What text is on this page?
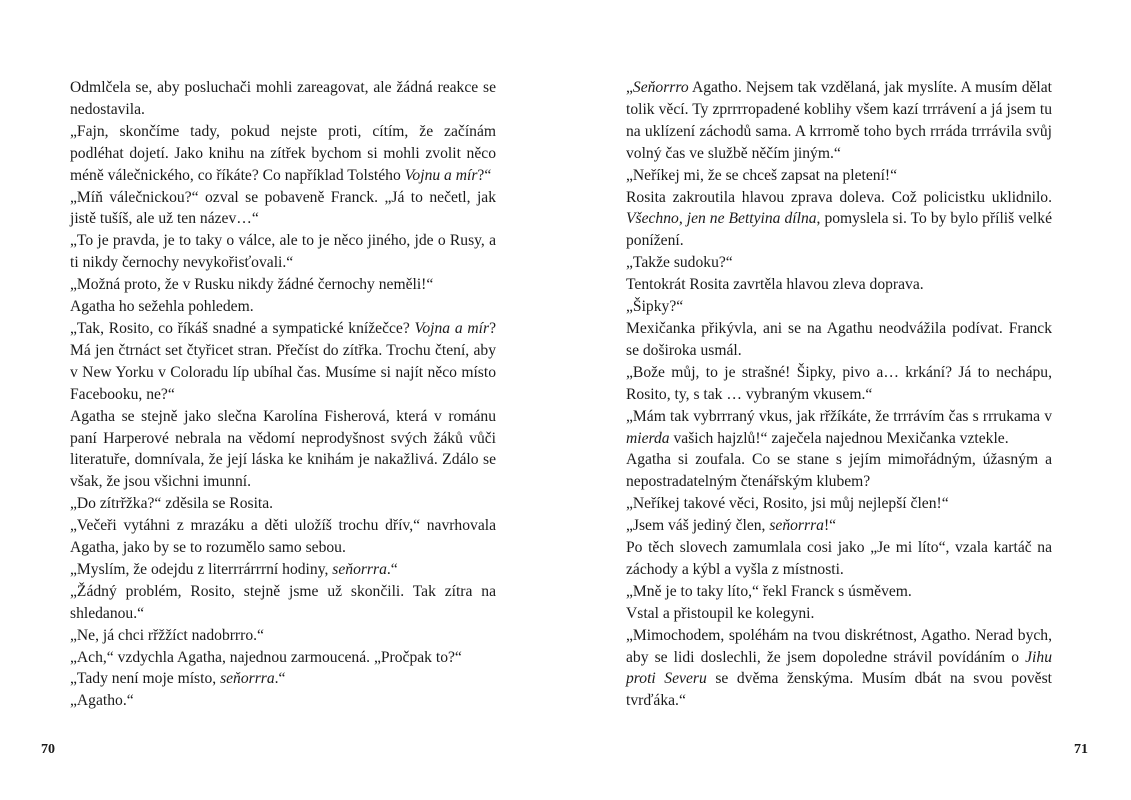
Odmlčela se, aby posluchači mohli zareagovat, ale žádná reakce se nedostavila.

„Fajn, skončíme tady, pokud nejste proti, cítím, že začínám podléhat dojetí. Jako knihu na zítřek bychom si mohli zvolit něco méně válečnického, co říkáte? Co například Tolstého Vojnu a mír?“

„Míň válečnickou?“ ozval se pobaveně Franck. „Já to nečetl, jak jistě tušíš, ale už ten název…“

„To je pravda, je to taky o válce, ale to je něco jiného, jde o Rusy, a ti nikdy černochy nevykořisťovali.“

„Možná proto, že v Rusku nikdy žádné černochy neměli!“

Agatha ho sežehla pohledem.

„Tak, Rosito, co říkáš snadné a sympatické knížečce? Vojna a mír? Má jen čtrnáct set čtyřicet stran. Přečíst do zítřka. Trochu čtení, aby v New Yorku v Coloradu líp ubíhal čas. Musíme si najít něco místo Facebooku, ne?“

Agatha se stejně jako slečna Karolína Fisherová, která v románu paní Harperové nebrala na vědomí neprodyšnost svých žáků vůči literatuře, domnívala, že její láska ke knihám je nakažlivá. Zdálo se však, že jsou všichni imunní.

„Do zítrřžka?“ zděsila se Rosita.

„Večeři vytáhni z mrazáku a děti uložíš trochu dřív,“ navrhovala Agatha, jako by se to rozumělo samo sebou.

„Myslím, že odejdu z literrrárrrní hodiny, seňorrra.“

„Žádný problém, Rosito, stejně jsme už skončili. Tak zítra na shledanou.“

„Ne, já chci rřžžíct nadobrrro.“

„Ach,“ vzdychla Agatha, najednou zarmoucená. „Pročpak to?“

„Tady není moje místo, seňorrra.“

„Agatho.“

70

„Seňorrro Agatho. Nejsem tak vzdělaná, jak myslíte. A musím dělat tolik věcí. Ty zprrrropadené koblihy všem kazí trrrávení a já jsem tu na uklízení záchodů sama. A krrromě toho bych rrráda trrrávila svůj volný čas ve službě něčím jiným.“

„Neříkej mi, že se chceš zapsat na pletení!“

Rosita zakroutila hlavou zprava doleva. Což policistku uklidnilo. Všechno, jen ne Bettyina dílna, pomyslela si. To by bylo příliš velké ponížení.

„Takže sudoku?“

Tentokrát Rosita zavrtěla hlavou zleva doprava.

„Šipky?“

Mexičanka přikývla, ani se na Agathu neodvážila podívat. Franck se doširoka usmál.

„Bože můj, to je strašné! Šipky, pivo a… krkání? Já to nechápu, Rosito, ty, s tak … vybraným vkusem.“

„Mám tak vybrrraný vkus, jak rřžíkáte, že trrrávím čas s rrrukama v mierda vašich hajzlů!“ zaječela najednou Mexičanka vztekle.

Agatha si zoufala. Co se stane s jejím mimořádným, úžasným a nepostradatelným čtenářským klubem?

„Neříkej takové věci, Rosito, jsi můj nejlepší člen!“

„Jsem váš jediný člen, seňorrra!“

Po těch slovech zamumlala cosi jako „Je mi líto“, vzala kartáč na záchody a kýbl a vyšla z místnosti.

„Mně je to taky líto,“ řekl Franck s úsměvem.

Vstal a přistoupil ke kolegyni.

„Mimochodem, spoléhám na tvou diskrétnost, Agatho. Nerad bych, aby se lidi doslechli, že jsem dopoledne strávil povídáním o Jihu proti Severu se dvěma ženskýma. Musím dbát na svou pověst tvrďáka.“

71
